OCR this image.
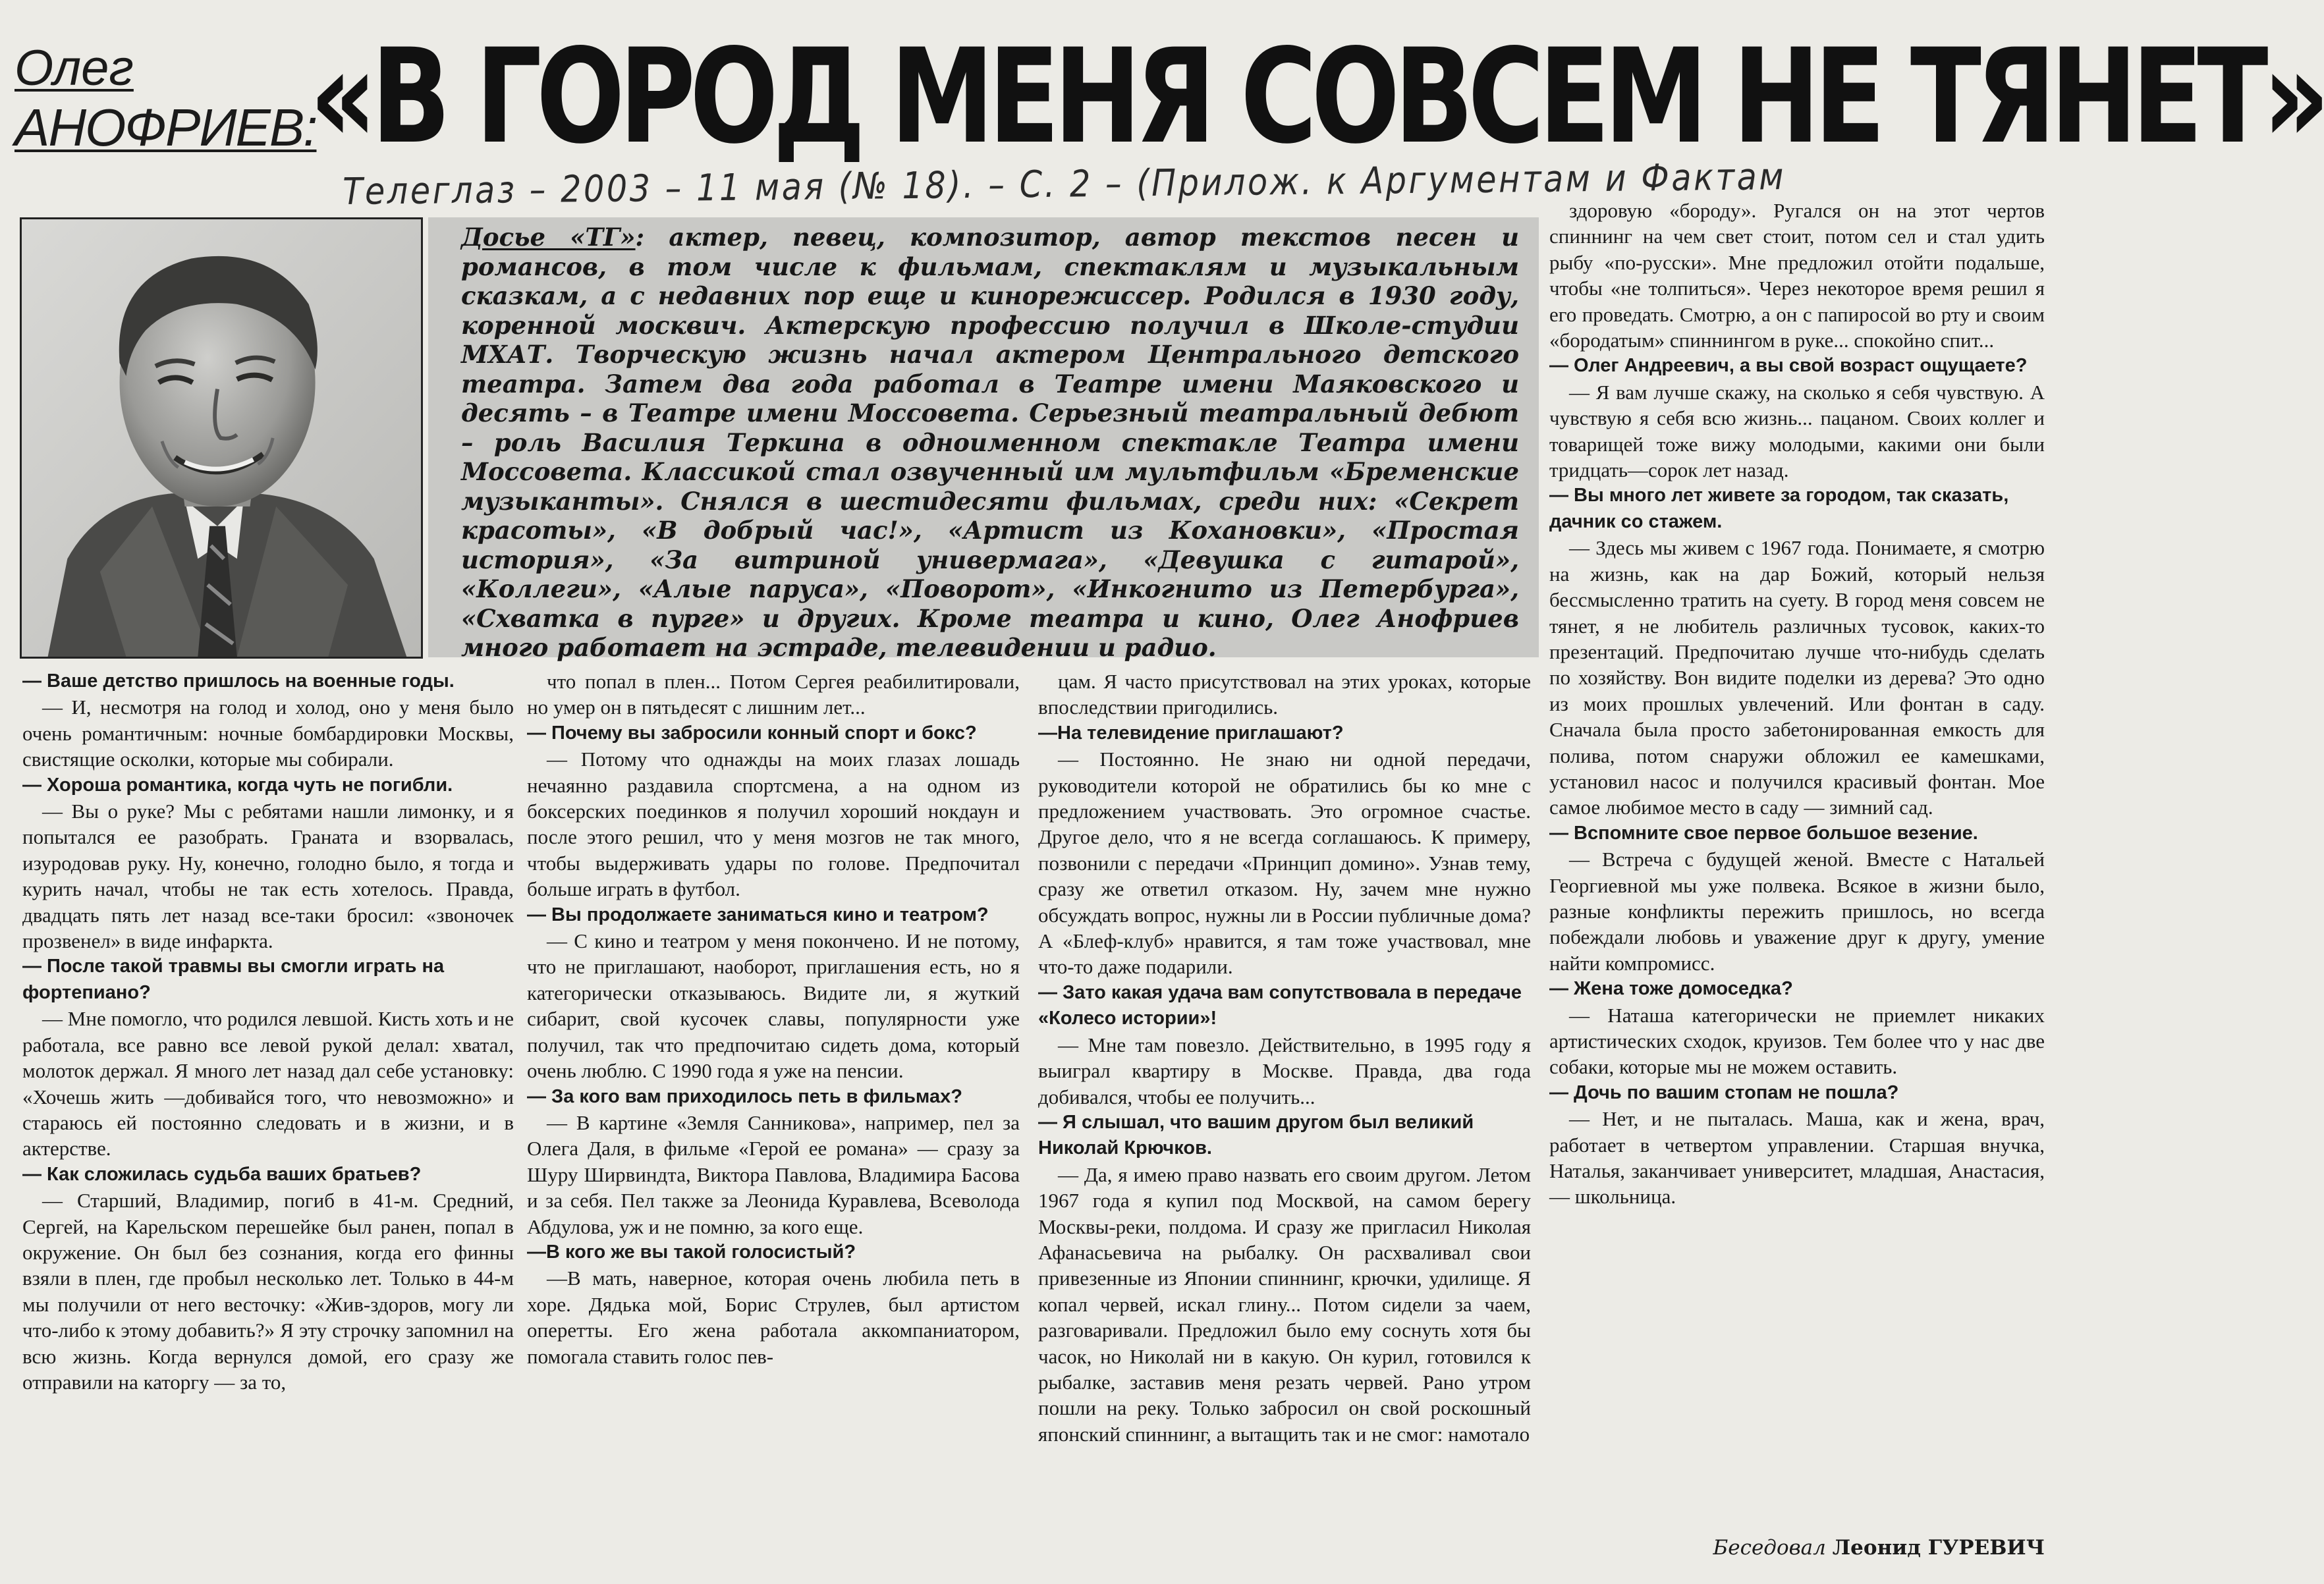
Олег
АНОФРИЕВ:
«В ГОРОД МЕНЯ СОВСЕМ НЕ ТЯНЕТ»
Телеглаз – 2003 – 11 мая (№ 18). – С. 2 – (Прилож. к Аргументам и Фактам
Досье «ТГ»: актер, певец, композитор, автор текстов песен и романсов, в том числе к фильмам, спектаклям и музыкальным сказкам, а с недавних пор еще и кинорежиссер. Родился в 1930 году, коренной москвич. Актерскую профессию получил в Школе-студии МХАТ. Творческую жизнь начал актером Центрального детского театра. Затем два года работал в Театре имени Маяковского и десять – в Театре имени Моссовета. Серьезный театральный дебют – роль Василия Теркина в одноименном спектакле Театра имени Моссовета. Классикой стал озвученный им мультфильм «Бременские музыканты». Снялся в шестидесяти фильмах, среди них: «Секрет красоты», «В добрый час!», «Артист из Кохановки», «Простая история», «За витриной универмага», «Девушка с гитарой», «Коллеги», «Алые паруса», «Поворот», «Инкогнито из Петербурга», «Схватка в пурге» и других. Кроме театра и кино, Олег Анофриев много работает на эстраде, телевидении и радио.

— Ваше детство пришлось на военные годы.

— И, несмотря на голод и холод, оно у меня было очень романтичным: ночные бомбардировки Москвы, свистящие осколки, которые мы собирали.

— Хороша романтика, когда чуть не погибли.

— Вы о руке? Мы с ребятами нашли лимонку, и я попытался ее разобрать. Граната и взорвалась, изуродовав руку. Ну, конечно, голодно было, я тогда и курить начал, чтобы не так есть хотелось. Правда, двадцать пять лет назад все-таки бросил: «звоночек прозвенел» в виде инфаркта.

— После такой травмы вы смогли играть на фортепиано?

— Мне помогло, что родился левшой. Кисть хоть и не работала, все равно все левой рукой делал: хватал, молоток держал. Я много лет назад дал себе установку: «Хочешь жить —добивайся того, что невозможно» и стараюсь ей постоянно следовать и в жизни, и в актерстве.

— Как сложилась судьба ваших братьев?

— Старший, Владимир, погиб в 41-м. Средний, Сергей, на Карельском перешейке был ранен, попал в окружение. Он был без сознания, когда его финны взяли в плен, где пробыл несколько лет. Только в 44-м мы получили от него весточку: «Жив-здоров, могу ли что-либо к этому добавить?» Я эту строчку запомнил на всю жизнь. Когда вернулся домой, его сразу же отправили на каторгу — за то,

что попал в плен... Потом Сергея реабилитировали, но умер он в пятьдесят с лишним лет...

— Почему вы забросили конный спорт и бокс?

— Потому что однажды на моих глазах лошадь нечаянно раздавила спортсмена, а на одном из боксерских поединков я получил хороший нокдаун и после этого решил, что у меня мозгов не так много, чтобы выдерживать удары по голове. Предпочитал больше играть в футбол.

— Вы продолжаете заниматься кино и театром?

— С кино и театром у меня покончено. И не потому, что не приглашают, наоборот, приглашения есть, но я категорически отказываюсь. Видите ли, я жуткий сибарит, свой кусочек славы, популярности уже получил, так что предпочитаю сидеть дома, который очень люблю. С 1990 года я уже на пенсии.

— За кого вам приходилось петь в фильмах?

— В картине «Земля Санникова», например, пел за Олега Даля, в фильме «Герой ее романа» — сразу за Шуру Ширвиндта, Виктора Павлова, Владимира Басова и за себя. Пел также за Леонида Куравлева, Всеволода Абдулова, уж и не помню, за кого еще.

—В кого же вы такой голосистый?

—В мать, наверное, которая очень любила петь в хоре. Дядька мой, Борис Струлев, был артистом оперетты. Его жена работала аккомпаниатором, помогала ставить голос пев-

цам. Я часто присутствовал на этих уроках, которые впоследствии пригодились.

—На телевидение приглашают?

— Постоянно. Не знаю ни одной передачи, руководители которой не обратились бы ко мне с предложением участвовать. Это огромное счастье. Другое дело, что я не всегда соглашаюсь. К примеру, позвонили с передачи «Принцип домино». Узнав тему, сразу же ответил отказом. Ну, зачем мне нужно обсуждать вопрос, нужны ли в России публичные дома? А «Блеф-клуб» нравится, я там тоже участвовал, мне что-то даже подарили.

— Зато какая удача вам сопутствовала в передаче «Колесо истории»!

— Мне там повезло. Действительно, в 1995 году я выиграл квартиру в Москве. Правда, два года добивался, чтобы ее получить...

— Я слышал, что вашим другом был великий Николай Крючков.

— Да, я имею право назвать его своим другом. Летом 1967 года я купил под Москвой, на самом берегу Москвы-реки, полдома. И сразу же пригласил Николая Афанасьевича на рыбалку. Он расхваливал свои привезенные из Японии спиннинг, крючки, удилище. Я копал червей, искал глину... Потом сидели за чаем, разговаривали. Предложил было ему соснуть хотя бы часок, но Николай ни в какую. Он курил, готовился к рыбалке, заставив меня резать червей. Рано утром пошли на реку. Только забросил он свой роскошный японский спиннинг, а вытащить так и не смог: намотало

здоровую «бороду». Ругался он на этот чертов спиннинг на чем свет стоит, потом сел и стал удить рыбу «по-русски». Мне предложил отойти подальше, чтобы «не толпиться». Через некоторое время решил я его проведать. Смотрю, а он с папиросой во рту и своим «бородатым» спиннингом в руке... спокойно спит...

— Олег Андреевич, а вы свой возраст ощущаете?

— Я вам лучше скажу, на сколько я себя чувствую. А чувствую я себя всю жизнь... пацаном. Своих коллег и товарищей тоже вижу молодыми, какими они были тридцать—сорок лет назад.

— Вы много лет живете за городом, так сказать, дачник со стажем.

— Здесь мы живем с 1967 года. Понимаете, я смотрю на жизнь, как на дар Божий, который нельзя бессмысленно тратить на суету. В город меня совсем не тянет, я не любитель различных тусовок, каких-то презентаций. Предпочитаю лучше что-нибудь сделать по хозяйству. Вон видите поделки из дерева? Это одно из моих прошлых увлечений. Или фонтан в саду. Сначала была просто забетонированная емкость для полива, потом снаружи обложил ее камешками, установил насос и получился красивый фонтан. Мое самое любимое место в саду — зимний сад.

— Вспомните свое первое большое везение.

— Встреча с будущей женой. Вместе с Натальей Георгиевной мы уже полвека. Всякое в жизни было, разные конфликты пережить пришлось, но всегда побеждали любовь и уважение друг к другу, умение найти компромисс.

— Жена тоже домоседка?

— Наташа категорически не приемлет никаких артистических сходок, круизов. Тем более что у нас две собаки, которые мы не можем оставить.

— Дочь по вашим стопам не пошла?

— Нет, и не пыталась. Маша, как и жена, врач, работает в четвертом управлении. Старшая внучка, Наталья, заканчивает университет, младшая, Анастасия, — школьница.

Беседовал Леонид ГУРЕВИЧ
